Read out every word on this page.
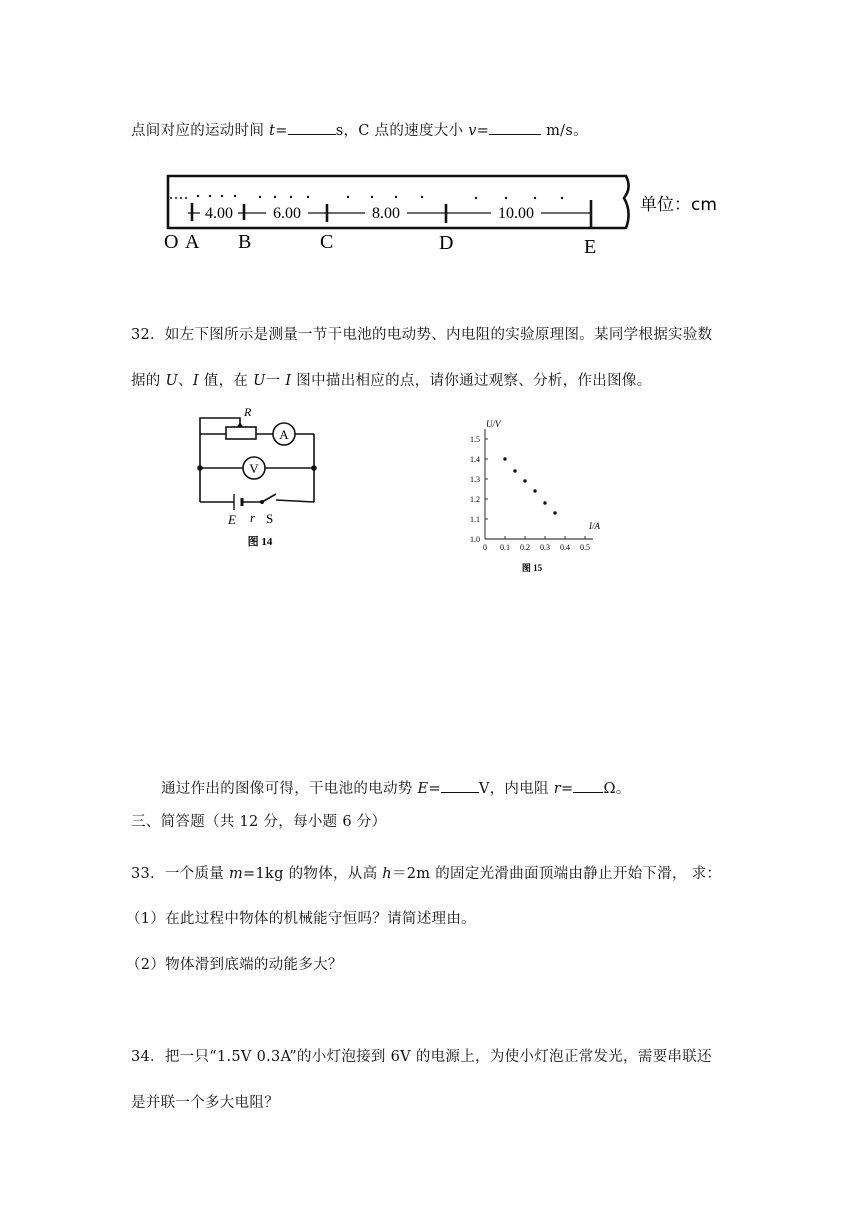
点间对应的运动时间 t=	s，C 点的速度大小 v=	m/s。
4.00	6.00	8.00	10.00
O A B	C	D	E
单位：cm
32．如左下图所示是测量一节干电池的电动势、内电阻的实验原理图。某同学根据实验数
据的 U、I 值，在 U一 I 图中描出相应的点，请你通过观察、分析，作出图像。
A
V
R
E r S
图 14	0 0.1 0.2 0.3 0.4 0.5
1.0
1.1
1.2
1.3
1.4
1.5
U/V
I/A
图 15
通过作出的图像可得，干电池的电动势 E=	V，内电阻 r= Ω。
三、简答题（共 12 分，每小题 6 分）
33．一个质量 m=1kg 的物体，从高 h＝2m 的固定光滑曲面顶端由静止开始下滑， 求：
（1）在此过程中物体的机械能守恒吗？请简述理由。
（2）物体滑到底端的动能多大？
34．把一只“1.5V 0.3A”的小灯泡接到 6V 的电源上，为使小灯泡正常发光，需要串联还
是并联一个多大电阻？
